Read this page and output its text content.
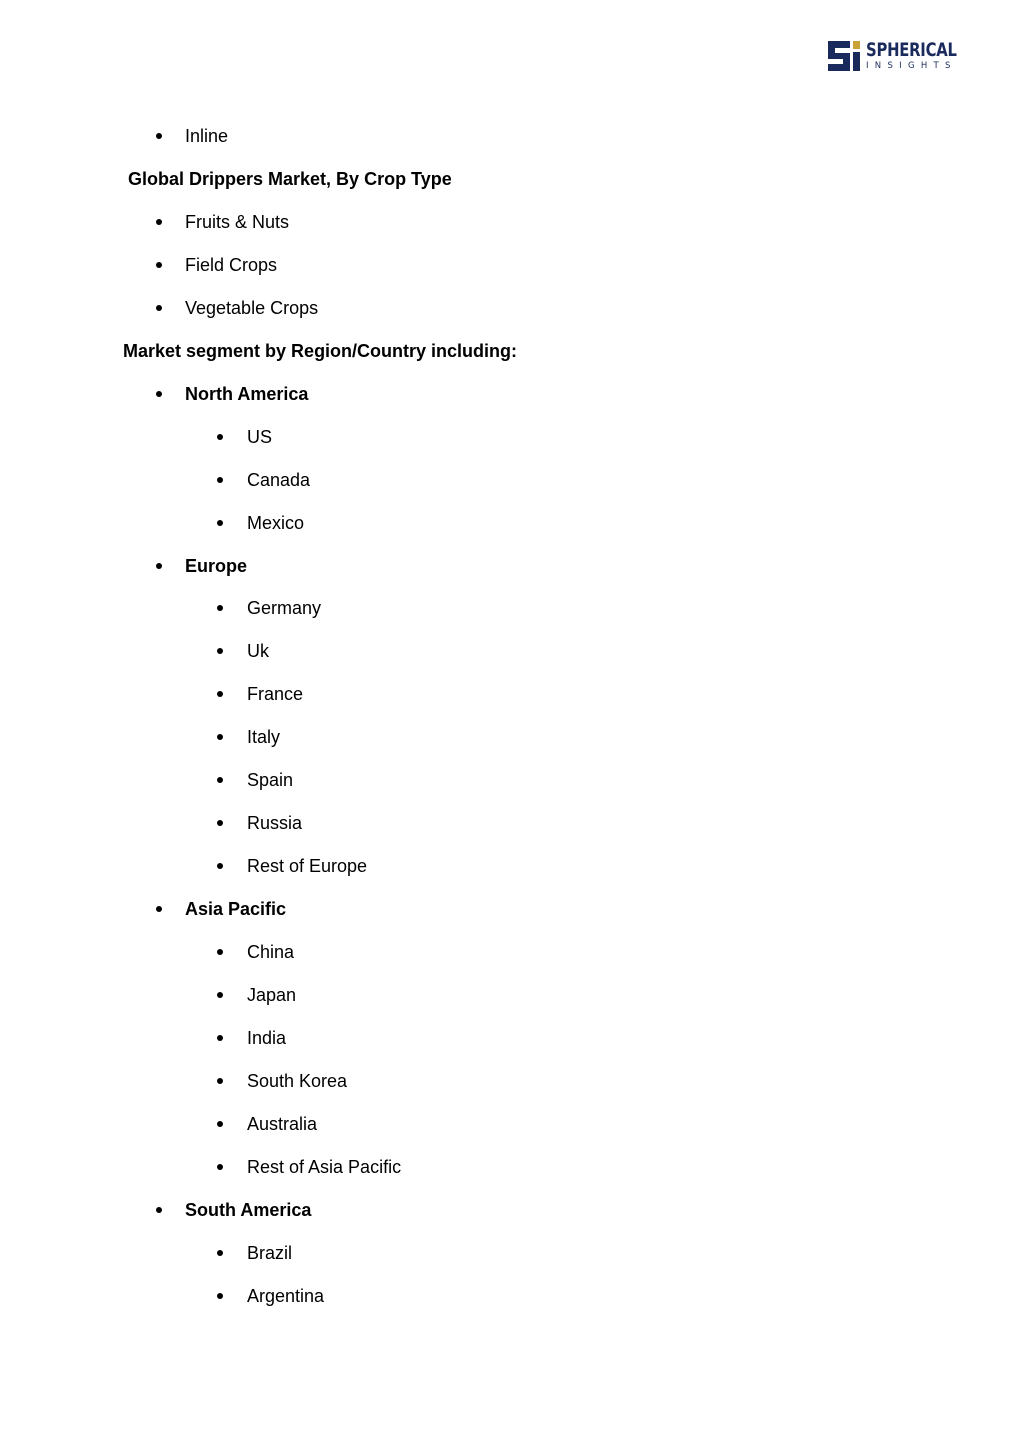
SPHERICAL
INSIGHTS
Inline
Global Drippers Market, By Crop Type
Fruits & Nuts
Field Crops
Vegetable Crops
Market segment by Region/Country including:
North America
US
Canada
Mexico
Europe
Germany
Uk
France
Italy
Spain
Russia
Rest of Europe
Asia Pacific
China
Japan
India
South Korea
Australia
Rest of Asia Pacific
South America
Brazil
Argentina
